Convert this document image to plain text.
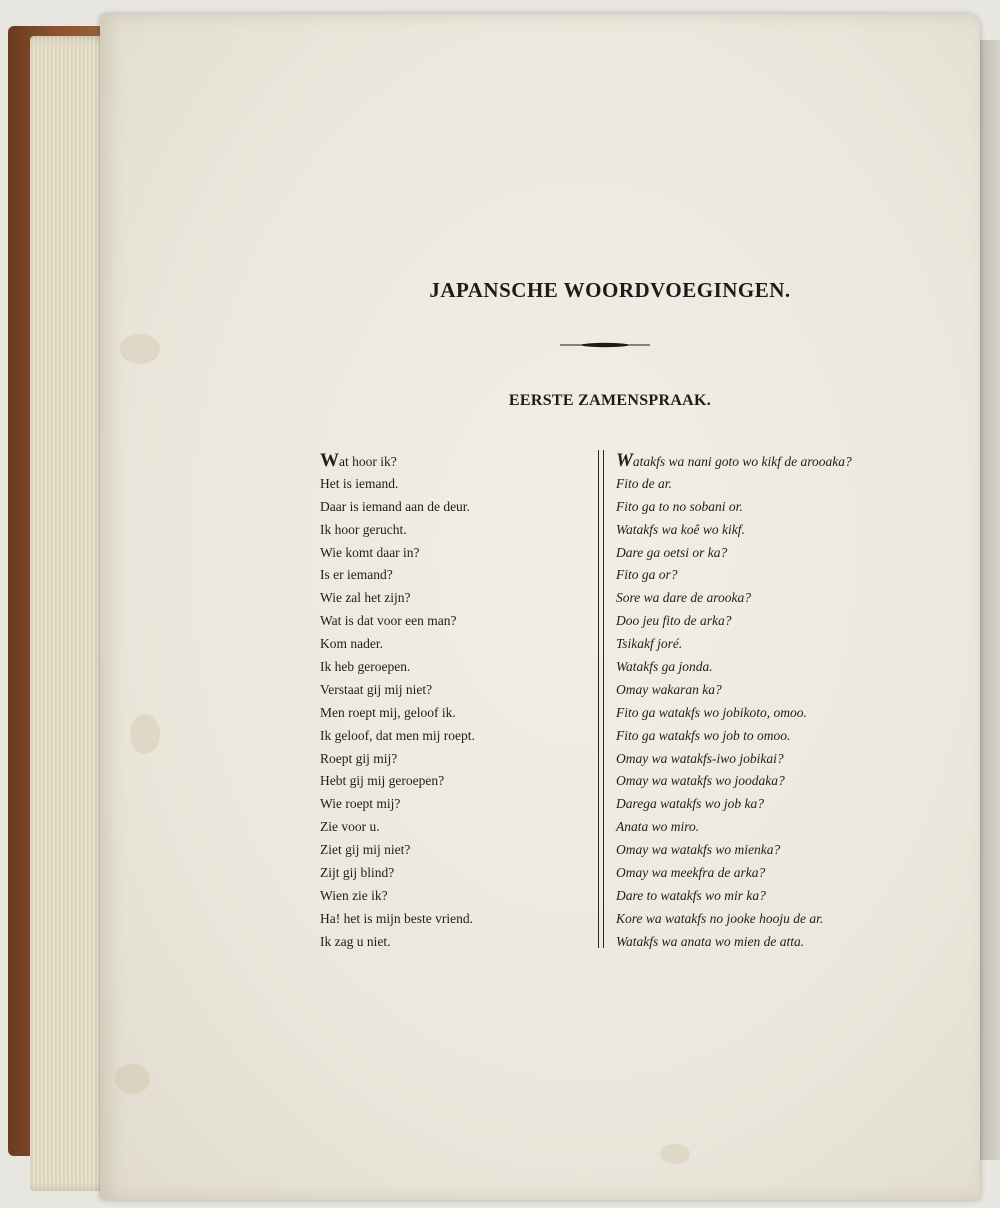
JAPANSCHE WOORDVOEGINGEN.
EERSTE ZAMENSPRAAK.
Wat hoor ik?
Het is iemand.
Daar is iemand aan de deur.
Ik hoor gerucht.
Wie komt daar in?
Is er iemand?
Wie zal het zijn?
Wat is dat voor een man?
Kom nader.
Ik heb geroepen.
Verstaat gij mij niet?
Men roept mij, geloof ik.
Ik geloof, dat men mij roept.
Roept gij mij?
Hebt gij mij geroepen?
Wie roept mij?
Zie voor u.
Ziet gij mij niet?
Zijt gij blind?
Wien zie ik?
Ha! het is mijn beste vriend.
Ik zag u niet.
Watakfs wa nani goto wo kikf de arooaka?
Fito de ar.
Fito ga to no sobani or.
Watakfs wa koê wo kikf.
Dare ga oetsi or ka?
Fito ga or?
Sore wa dare de arooka?
Doo jeu fito de arka?
Tsikakf joré.
Watakfs ga jonda.
Omay wakaran ka?
Fito ga watakfs wo jobikoto, omoo.
Fito ga watakfs wo job to omoo.
Omay wa watakfs-iwo jobikai?
Omay wa watakfs wo joodaka?
Darega watakfs wo job ka?
Anata wo miro.
Omay wa watakfs wo mienka?
Omay wa meekfra de arka?
Dare to watakfs wo mir ka?
Kore wa watakfs no jooke hooju de ar.
Watakfs wa anata wo mien de atta.
